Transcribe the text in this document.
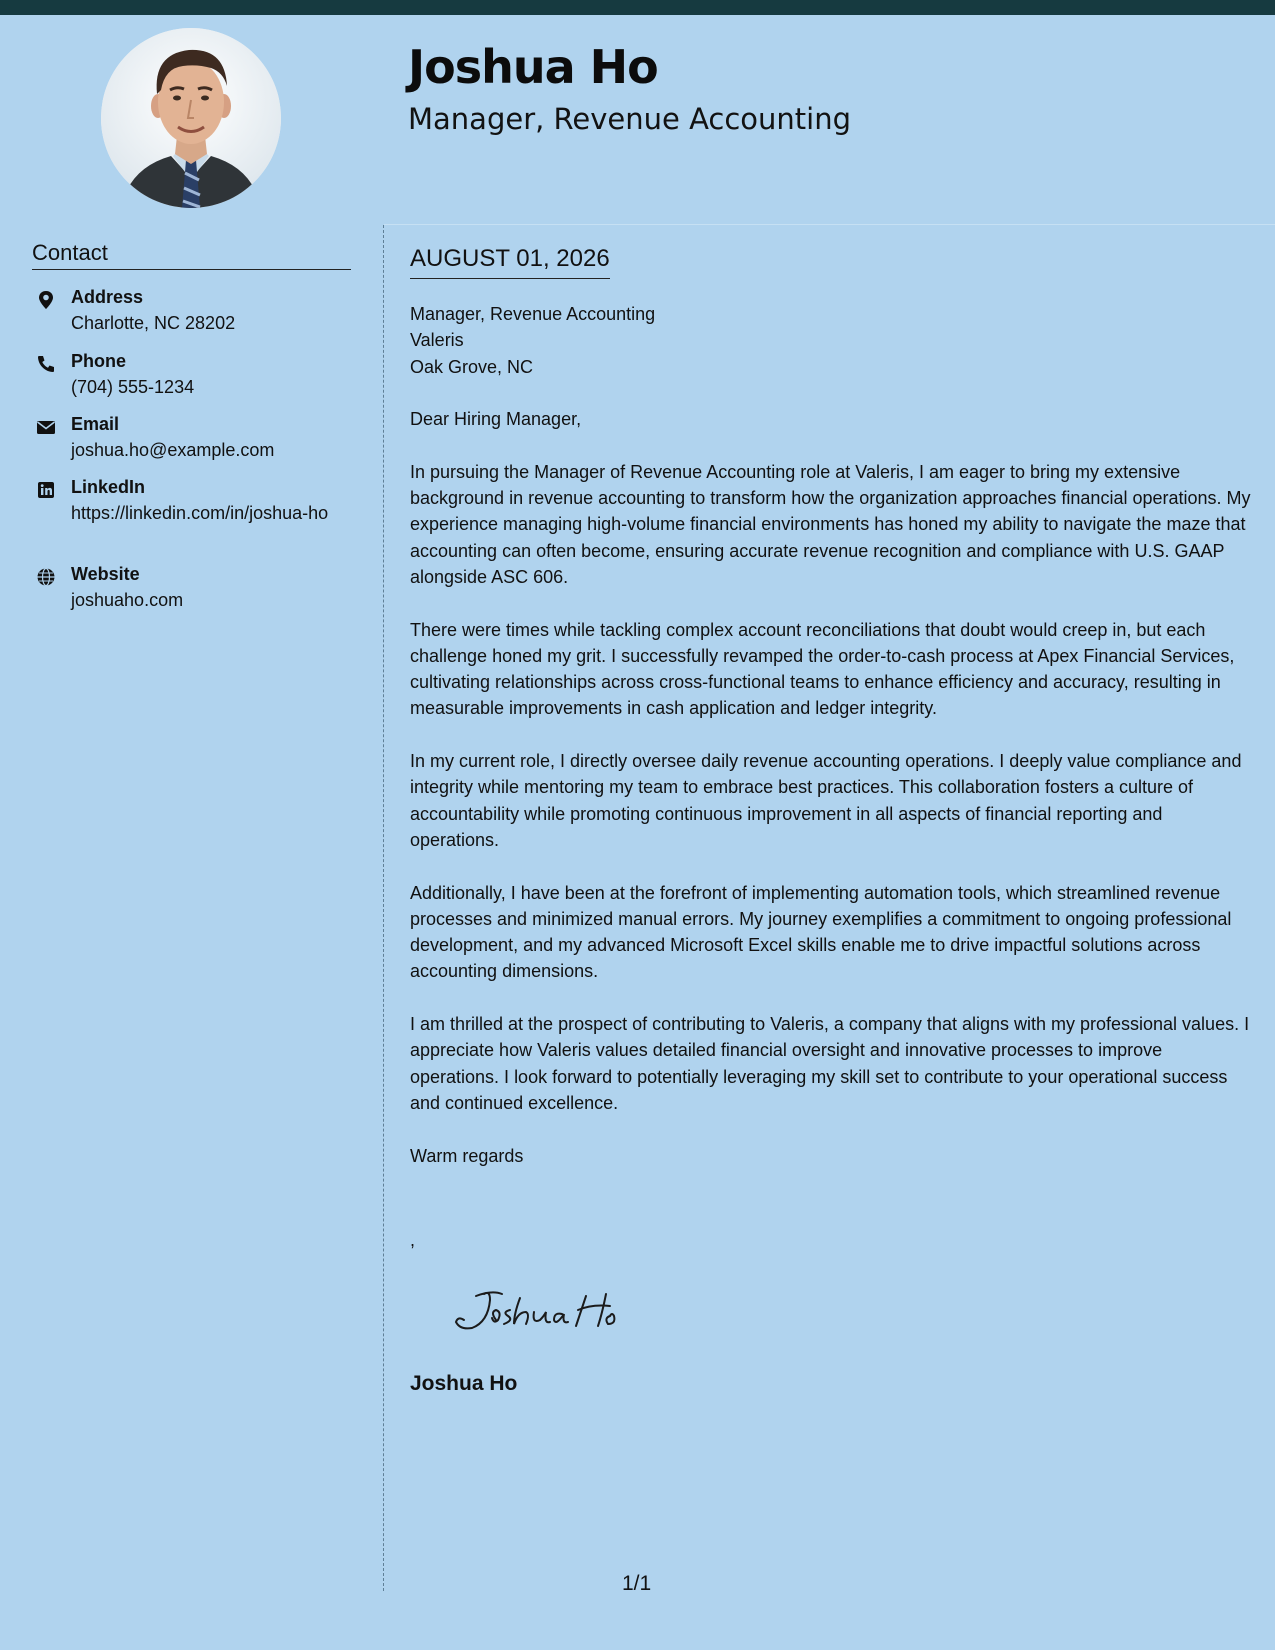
Joshua Ho
Manager, Revenue Accounting
Contact
Address
Charlotte, NC 28202
Phone
(704) 555-1234
Email
joshua.ho@example.com
LinkedIn
https://linkedin.com/in/joshua-ho
Website
joshuaho.com
AUGUST 01, 2026

Manager, Revenue Accounting
Valeris
Oak Grove, NC

Dear Hiring Manager,

In pursuing the Manager of Revenue Accounting role at Valeris, I am eager to bring my extensive background in revenue accounting to transform how the organization approaches financial operations. My experience managing high-volume financial environments has honed my ability to navigate the maze that accounting can often become, ensuring accurate revenue recognition and compliance with U.S. GAAP alongside ASC 606.

There were times while tackling complex account reconciliations that doubt would creep in, but each challenge honed my grit. I successfully revamped the order-to-cash process at Apex Financial Services, cultivating relationships across cross-functional teams to enhance efficiency and accuracy, resulting in measurable improvements in cash application and ledger integrity.

In my current role, I directly oversee daily revenue accounting operations. I deeply value compliance and integrity while mentoring my team to embrace best practices. This collaboration fosters a culture of accountability while promoting continuous improvement in all aspects of financial reporting and operations.

Additionally, I have been at the forefront of implementing automation tools, which streamlined revenue processes and minimized manual errors. My journey exemplifies a commitment to ongoing professional development, and my advanced Microsoft Excel skills enable me to drive impactful solutions across accounting dimensions.

I am thrilled at the prospect of contributing to Valeris, a company that aligns with my professional values. I appreciate how Valeris values detailed financial oversight and innovative processes to improve operations. I look forward to potentially leveraging my skill set to contribute to your operational success and continued excellence.

Warm regards

,
Joshua Ho
1/1
